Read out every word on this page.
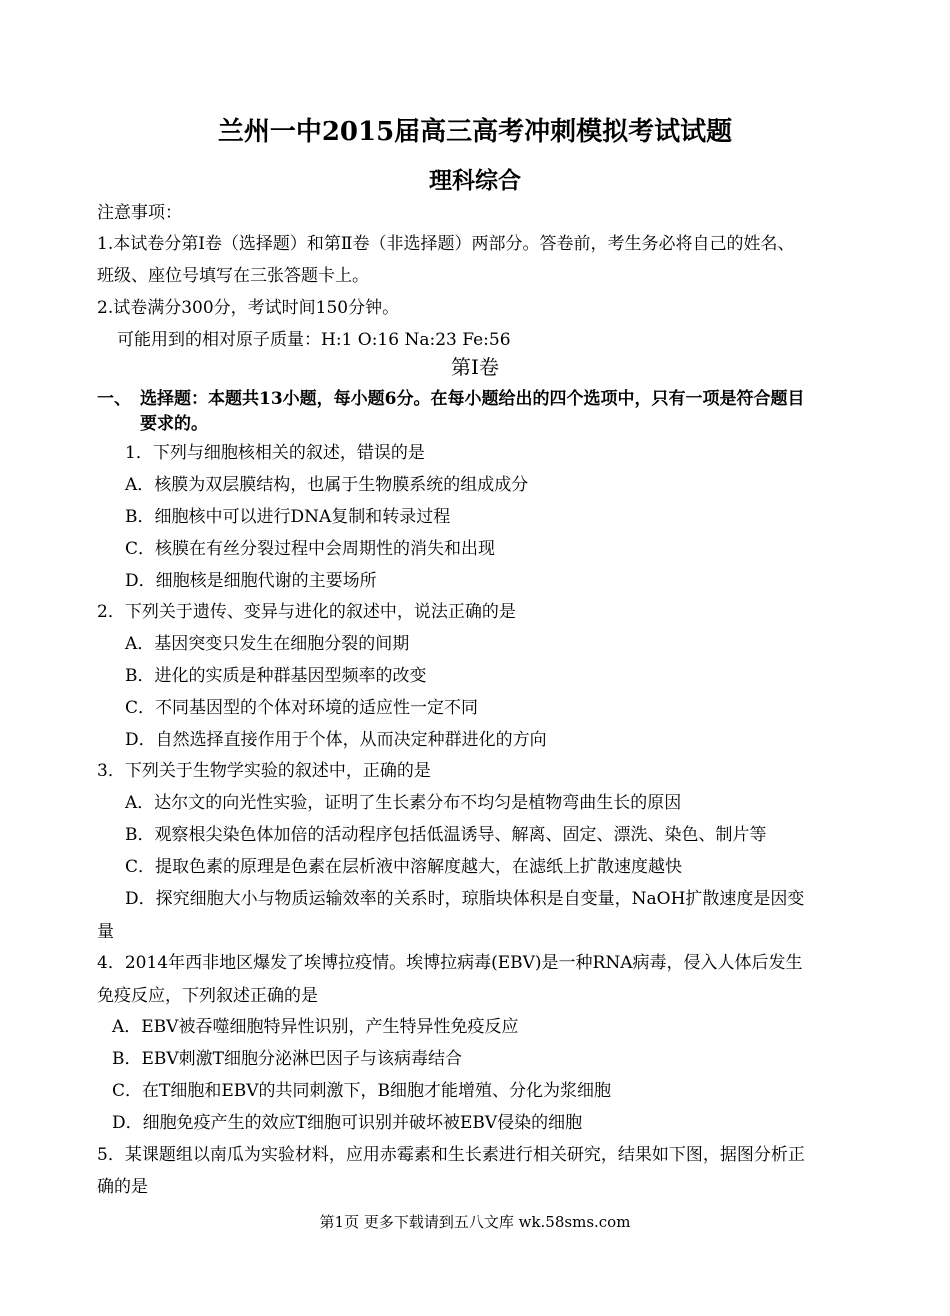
兰州一中2015届高三高考冲刺模拟考试试题
理科综合
注意事项：
1.本试卷分第Ⅰ卷（选择题）和第Ⅱ卷（非选择题）两部分。答卷前，考生务必将自己的姓名、
班级、座位号填写在三张答题卡上。
2.试卷满分300分，考试时间150分钟。
可能用到的相对原子质量：H:1 O:16 Na:23 Fe:56
第Ⅰ卷
一、 选择题：本题共13小题，每小题6分。在每小题给出的四个选项中，只有一项是符合题目
要求的。
1．下列与细胞核相关的叙述，错误的是
A．核膜为双层膜结构，也属于生物膜系统的组成成分
B．细胞核中可以进行DNA复制和转录过程
C．核膜在有丝分裂过程中会周期性的消失和出现
D．细胞核是细胞代谢的主要场所
2．下列关于遗传、变异与进化的叙述中，说法正确的是
A．基因突变只发生在细胞分裂的间期
B．进化的实质是种群基因型频率的改变
C．不同基因型的个体对环境的适应性一定不同
D．自然选择直接作用于个体，从而决定种群进化的方向
3．下列关于生物学实验的叙述中，正确的是
A．达尔文的向光性实验，证明了生长素分布不均匀是植物弯曲生长的原因
B．观察根尖染色体加倍的活动程序包括低温诱导、解离、固定、漂洗、染色、制片等
C．提取色素的原理是色素在层析液中溶解度越大，在滤纸上扩散速度越快
D．探究细胞大小与物质运输效率的关系时，琼脂块体积是自变量，NaOH扩散速度是因变
量
4．2014年西非地区爆发了埃博拉疫情。埃博拉病毒(EBV)是一种RNA病毒，侵入人体后发生
免疫反应，下列叙述正确的是
A．EBV被吞噬细胞特异性识别，产生特异性免疫反应
B．EBV刺激T细胞分泌淋巴因子与该病毒结合
C．在T细胞和EBV的共同刺激下，B细胞才能增殖、分化为浆细胞
D．细胞免疫产生的效应T细胞可识别并破坏被EBV侵染的细胞
5．某课题组以南瓜为实验材料，应用赤霉素和生长素进行相关研究，结果如下图，据图分析正
确的是
第1页 更多下载请到五八文库 wk.58sms.com
